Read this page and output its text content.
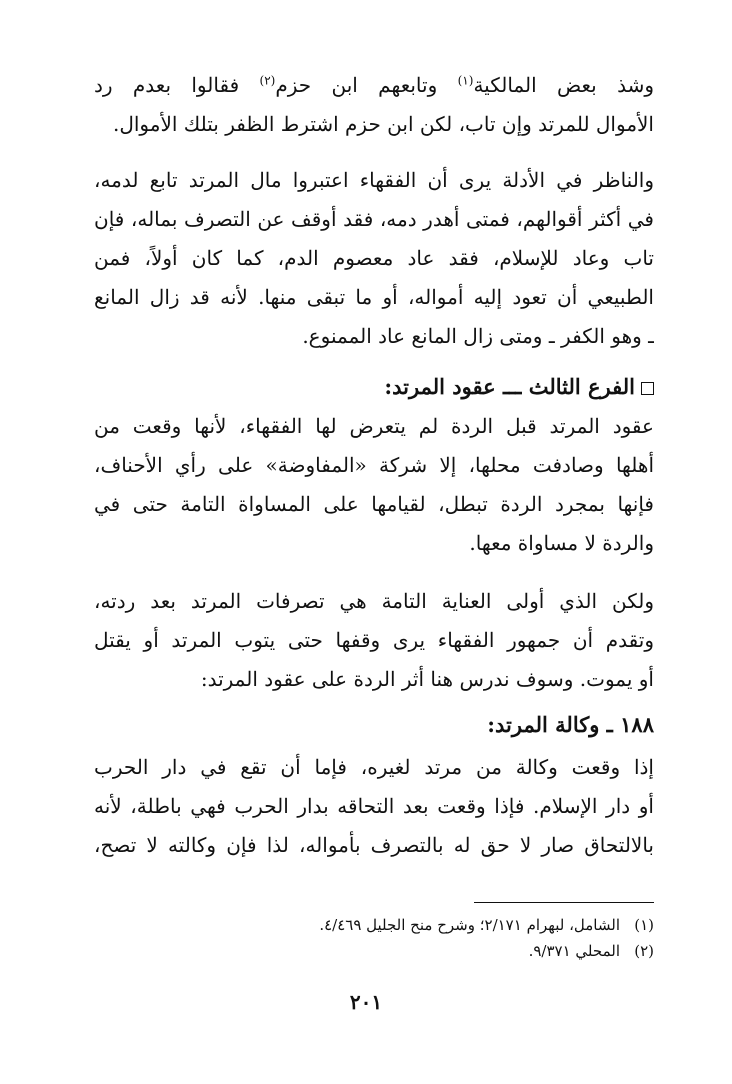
وشذ بعض المالكية$^{(١)}$ وتابعهم ابن حزم$^{(٢)}$ فقالوا بعدم رد
الأموال للمرتد وإن تاب، لكن ابن حزم اشترط الظفر بتلك الأموال.
والناظر في الأدلة يرى أن الفقهاء اعتبروا مال المرتد تابع لدمه،
في أكثر أقوالهم، فمتى أهدر دمه، فقد أوقف عن التصرف بماله، فإن
تاب وعاد للإسلام، فقد عاد معصوم الدم، كما كان أولاً، فمن
الطبيعي أن تعود إليه أمواله، أو ما تبقى منها. لأنه قد زال المانع
ـ وهو الكفر ـ ومتى زال المانع عاد الممنوع.
الفرع الثالث ـــ عقود المرتد:
عقود المرتد قبل الردة لم يتعرض لها الفقهاء، لأنها وقعت من
أهلها وصادفت محلها، إلا شركة «المفاوضة» على رأي الأحناف،
فإنها بمجرد الردة تبطل، لقيامها على المساواة التامة حتى في
والردة لا مساواة معها.
ولكن الذي أولى العناية التامة هي تصرفات المرتد بعد ردته،
وتقدم أن جمهور الفقهاء يرى وقفها حتى يتوب المرتد أو يقتل
أو يموت. وسوف ندرس هنا أثر الردة على عقود المرتد:
١٨٨ ـ وكالة المرتد:
إذا وقعت وكالة من مرتد لغيره، فإما أن تقع في دار الحرب
أو دار الإسلام. فإذا وقعت بعد التحاقه بدار الحرب فهي باطلة، لأنه
بالالتحاق صار لا حق له بالتصرف بأمواله، لذا فإن وكالته لا تصح،
(١)الشامل، لبهرام ٢/١٧١؛ وشرح منح الجليل ٤/٤٦٩.
(٢)المحلي ٩/٣٧١.
٢٠١
